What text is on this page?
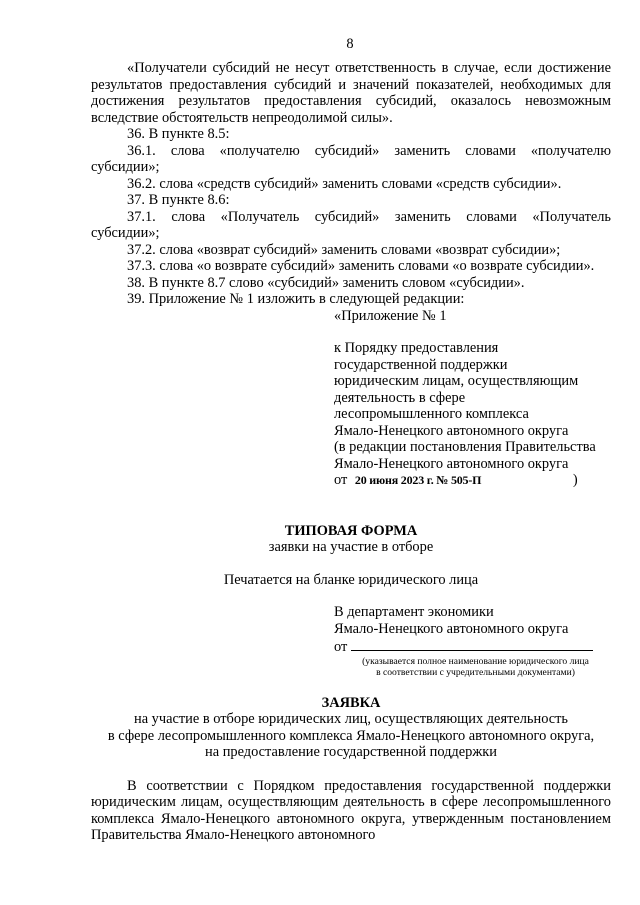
8

«Получатели субсидий не несут ответственность в случае, если достижение результатов предоставления субсидий и значений показателей, необходимых для достижения результатов предоставления субсидий, оказалось невозможным вследствие обстоятельств непреодолимой силы».

36. В пункте 8.5:

36.1. слова «получателю субсидий» заменить словами «получателю субсидии»;

36.2. слова «средств субсидий» заменить словами «средств субсидии».

37. В пункте 8.6:

37.1. слова «Получатель субсидий» заменить словами «Получатель субсидии»;

37.2. слова «возврат субсидий» заменить словами «возврат субсидии»;

37.3. слова «о возврате субсидий» заменить словами «о возврате субсидии».

38. В пункте 8.7 слово «субсидий» заменить словом «субсидии».

39. Приложение № 1 изложить в следующей редакции:

«Приложение № 1
к Порядку предоставления
государственной поддержки
юридическим лицам, осуществляющим
деятельность в сфере
лесопромышленного комплекса
Ямало-Ненецкого автономного округа
(в редакции постановления Правительства
Ямало-Ненецкого автономного округа
от 20 июня 2023 г. № 505-П	)

ТИПОВАЯ ФОРМА

заявки на участие в отборе

Печатается на бланке юридического лица

В департамент экономики
Ямало-Ненецкого автономного округа
от
(указывается полное наименование юридического лица
в соответствии с учредительными документами)

ЗАЯВКА

на участие в отборе юридических лиц, осуществляющих деятельность

в сфере лесопромышленного комплекса Ямало-Ненецкого автономного округа,

на предоставление государственной поддержки

В соответствии с Порядком предоставления государственной поддержки юридическим лицам, осуществляющим деятельность в сфере лесопромышленного комплекса Ямало-Ненецкого автономного округа, утвержденным постановлением Правительства Ямало-Ненецкого автономного
